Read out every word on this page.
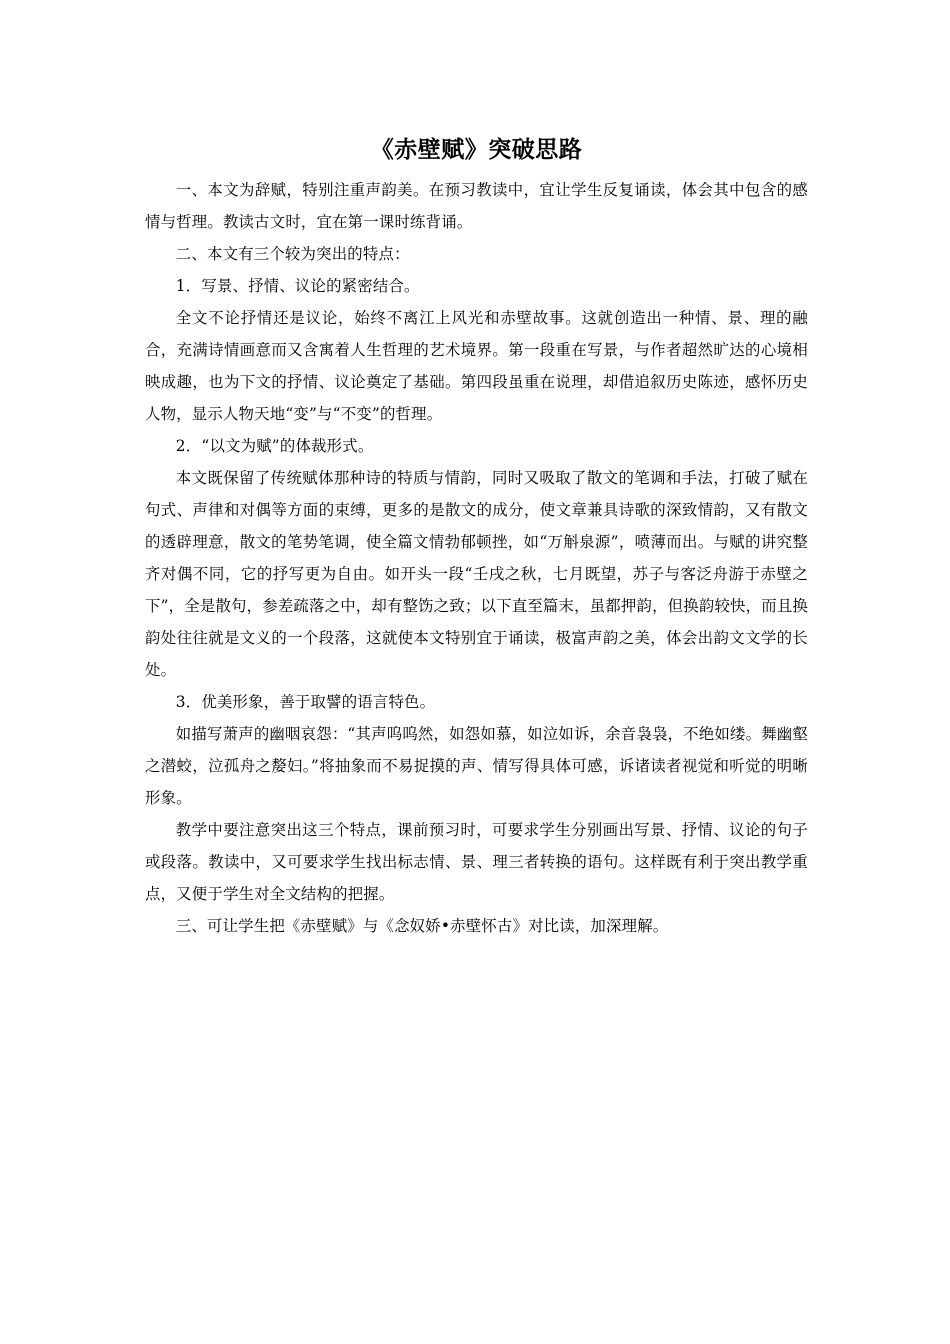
《赤壁赋》突破思路

一、本文为辞赋，特别注重声韵美。在预习教读中，宜让学生反复诵读，体会其中包含的感情与哲理。教读古文时，宜在第一课时练背诵。

二、本文有三个较为突出的特点：

1．写景、抒情、议论的紧密结合。

全文不论抒情还是议论，始终不离江上风光和赤壁故事。这就创造出一种情、景、理的融合，充满诗情画意而又含寓着人生哲理的艺术境界。第一段重在写景，与作者超然旷达的心境相映成趣，也为下文的抒情、议论奠定了基础。第四段虽重在说理，却借追叙历史陈迹，感怀历史人物，显示人物天地“变”与“不变”的哲理。

2．“以文为赋”的体裁形式。

本文既保留了传统赋体那种诗的特质与情韵，同时又吸取了散文的笔调和手法，打破了赋在句式、声律和对偶等方面的束缚，更多的是散文的成分，使文章兼具诗歌的深致情韵，又有散文的透辟理意，散文的笔势笔调，使全篇文情勃郁顿挫，如“万斛泉源”，喷薄而出。与赋的讲究整齐对偶不同，它的抒写更为自由。如开头一段“壬戌之秋，七月既望，苏子与客泛舟游于赤壁之下”，全是散句，参差疏落之中，却有整饬之致；以下直至篇末，虽都押韵，但换韵较快，而且换韵处往往就是文义的一个段落，这就使本文特别宜于诵读，极富声韵之美，体会出韵文文学的长处。

3．优美形象，善于取譬的语言特色。

如描写萧声的幽咽哀怨：“其声呜呜然，如怨如慕，如泣如诉，余音袅袅，不绝如缕。舞幽壑之潜蛟，泣孤舟之嫠妇。”将抽象而不易捉摸的声、情写得具体可感，诉诸读者视觉和听觉的明晰形象。

教学中要注意突出这三个特点，课前预习时，可要求学生分别画出写景、抒情、议论的句子或段落。教读中，又可要求学生找出标志情、景、理三者转换的语句。这样既有利于突出教学重点，又便于学生对全文结构的把握。

三、可让学生把《赤壁赋》与《念奴娇•赤壁怀古》对比读，加深理解。
